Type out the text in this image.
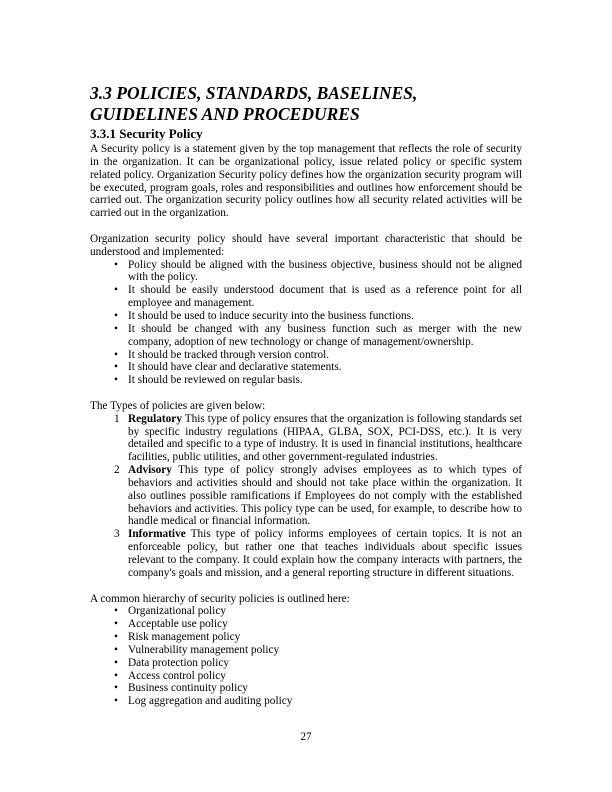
3.3 POLICIES, STANDARDS, BASELINES, GUIDELINES AND PROCEDURES
3.3.1 Security Policy

A Security policy is a statement given by the top management that reflects the role of security in the organization. It can be organizational policy, issue related policy or specific system related policy. Organization Security policy defines how the organization security program will be executed, program goals, roles and responsibilities and outlines how enforcement should be carried out. The organization security policy outlines how all security related activities will be carried out in the organization.

Organization security policy should have several important characteristic that should be understood and implemented:

• Policy should be aligned with the business objective, business should not be aligned with the policy.
• It should be easily understood document that is used as a reference point for all employee and management.
• It should be used to induce security into the business functions.
• It should be changed with any business function such as merger with the new company, adoption of new technology or change of management/ownership.
• It should be tracked through version control.
• It should have clear and declarative statements.
• It should be reviewed on regular basis.

The Types of policies are given below:

1 Regulatory This type of policy ensures that the organization is following standards set by specific industry regulations (HIPAA, GLBA, SOX, PCI-DSS, etc.). It is very detailed and specific to a type of industry. It is used in financial institutions, healthcare facilities, public utilities, and other government-regulated industries.
2 Advisory This type of policy strongly advises employees as to which types of behaviors and activities should and should not take place within the organization. It also outlines possible ramifications if Employees do not comply with the established behaviors and activities. This policy type can be used, for example, to describe how to handle medical or financial information.
3 Informative This type of policy informs employees of certain topics. It is not an enforceable policy, but rather one that teaches individuals about specific issues relevant to the company. It could explain how the company interacts with partners, the company's goals and mission, and a general reporting structure in different situations.

A common hierarchy of security policies is outlined here:

• Organizational policy
• Acceptable use policy
• Risk management policy
• Vulnerability management policy
• Data protection policy
• Access control policy
• Business continuity policy
• Log aggregation and auditing policy
27
